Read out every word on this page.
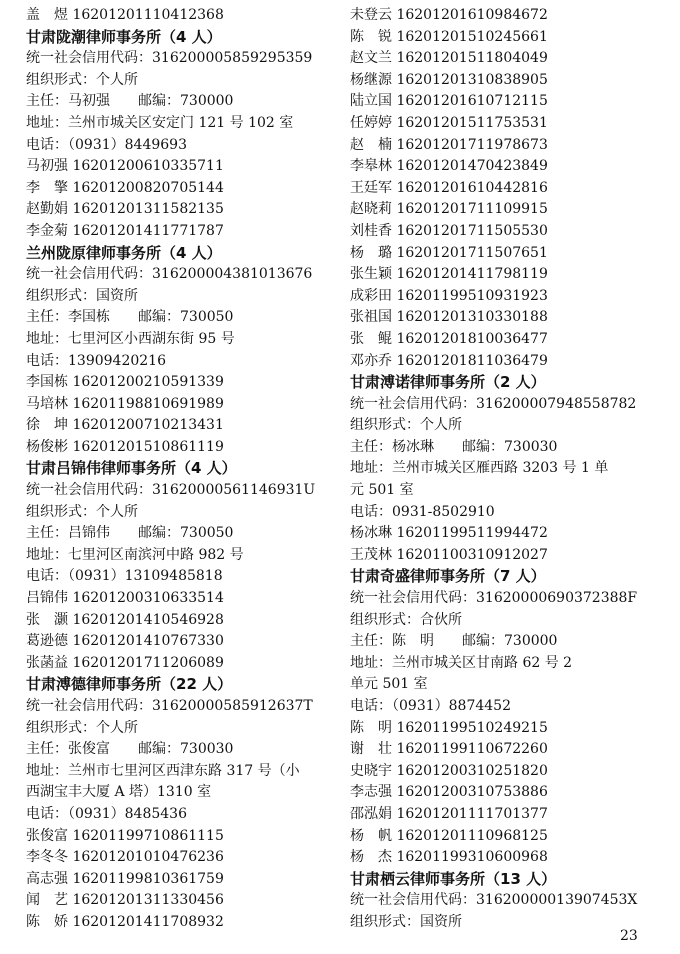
盖　煜 16201201110412368
甘肃陇潮律师事务所（4 人）
统一社会信用代码：316200005859295359
组织形式：个人所
主任：马初强　　邮编：730000
地址：兰州市城关区安定门 121 号 102 室
电话：（0931）8449693
马初强 16201200610335711
李　擎 16201200820705144
赵勤娟 16201201311582135
李金菊 16201201411771787
兰州陇原律师事务所（4 人）
统一社会信用代码：316200004381013676
组织形式：国资所
主任：李国栋　　邮编：730050
地址：七里河区小西湖东街 95 号
电话：13909420216
李国栋 16201200210591339
马培林 16201198810691989
徐　坤 16201200710213431
杨俊彬 16201201510861119
甘肃吕锦伟律师事务所（4 人）
统一社会信用代码：31620000561146931U
组织形式：个人所
主任：吕锦伟　　邮编：730050
地址：七里河区南滨河中路 982 号
电话：（0931）13109485818
吕锦伟 16201200310633514
张　灏 16201201410546928
葛逊德 16201201410767330
张菡益 16201201711206089
甘肃溥德律师事务所（22 人）
统一社会信用代码：31620000585912637T
组织形式：个人所
主任：张俊富　　邮编：730030
地址：兰州市七里河区西津东路 317 号（小
西湖宝丰大厦 A 塔）1310 室
电话：（0931）8485436
张俊富 16201199710861115
李冬冬 16201201010476236
高志强 16201199810361759
闻　艺 16201201311330456
陈　娇 16201201411708932
未登云 16201201610984672
陈　锐 16201201510245661
赵文兰 16201201511804049
杨继源 16201201310838905
陆立国 16201201610712115
任婷婷 16201201511753531
赵　楠 16201201711978673
李皋林 16201201470423849
王廷军 16201201610442816
赵晓莉 16201201711109915
刘桂香 16201201711505530
杨　璐 16201201711507651
张生颖 16201201411798119
成彩田 16201199510931923
张祖国 16201201310330188
张　鲲 16201201810036477
邓亦乔 16201201811036479
甘肃溥诺律师事务所（2 人）
统一社会信用代码：316200007948558782
组织形式：个人所
主任：杨冰琳　　邮编：730030
地址：兰州市城关区雁西路 3203 号 1 单
元 501 室
电话：0931-8502910
杨冰琳 16201199511994472
王茂林 16201100310912027
甘肃奇盛律师事务所（7 人）
统一社会信用代码：31620000690372388F
组织形式：合伙所
主任：陈　明　　邮编：730000
地址：兰州市城关区甘南路 62 号 2
单元 501 室
电话：（0931）8874452
陈　明 16201199510249215
谢　壮 16201199110672260
史晓宇 16201200310251820
李志强 16201200310753886
邵泓娟 16201201111701377
杨　帆 16201201110968125
杨　杰 16201199310600968
甘肃栖云律师事务所（13 人）
统一社会信用代码：31620000013907453X
组织形式：国资所
23
